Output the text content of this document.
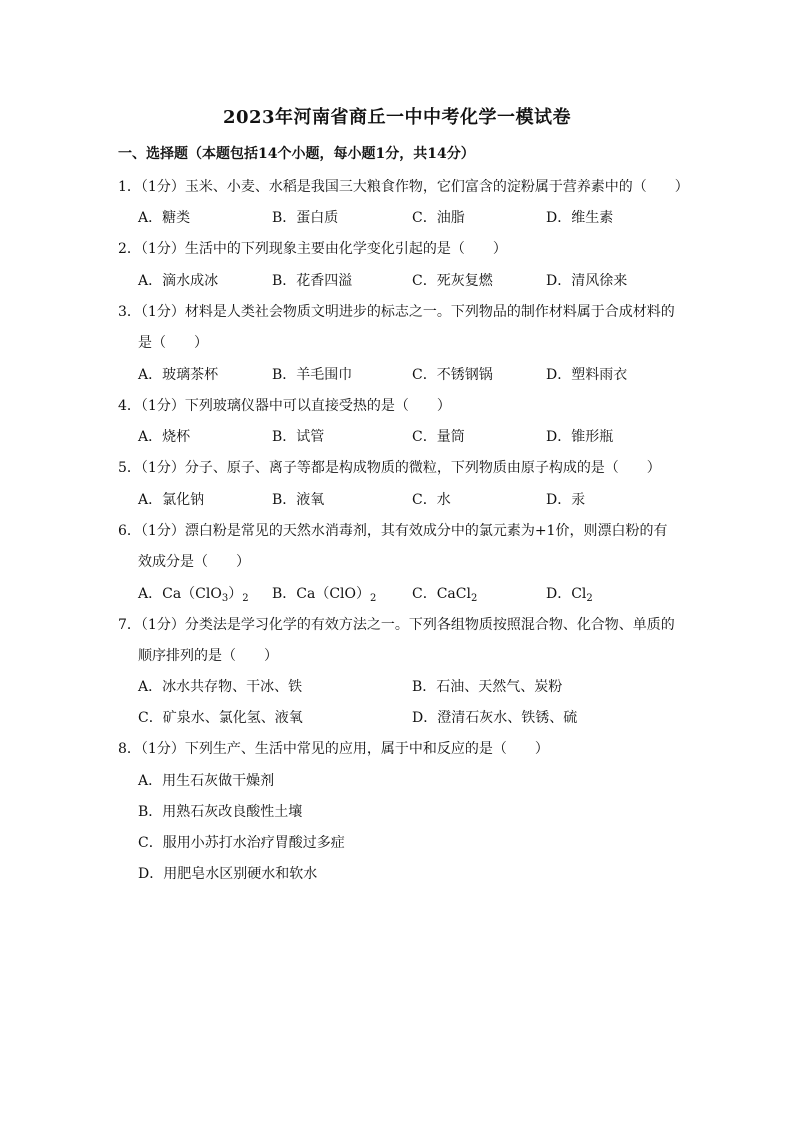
2023年河南省商丘一中中考化学一模试卷
一、选择题（本题包括14个小题，每小题1分，共14分）
1．（1分）玉米、小麦、水稻是我国三大粮食作物，它们富含的淀粉属于营养素中的（　　）
A．糖类	B．蛋白质	C．油脂	D．维生素
2．（1分）生活中的下列现象主要由化学变化引起的是（　　）
A．滴水成冰	B．花香四溢	C．死灰复燃	D．清风徐来
3．（1分）材料是人类社会物质文明进步的标志之一。下列物品的制作材料属于合成材料的
是（　　）
A．玻璃茶杯	B．羊毛围巾	C．不锈钢锅	D．塑料雨衣
4．（1分）下列玻璃仪器中可以直接受热的是（　　）
A．烧杯	B．试管	C．量筒	D．锥形瓶
5．（1分）分子、原子、离子等都是构成物质的微粒，下列物质由原子构成的是（　　）
A．氯化钠	B．液氧	C．水	D．汞
6．（1分）漂白粉是常见的天然水消毒剂，其有效成分中的氯元素为+1价，则漂白粉的有
效成分是（　　）
A．$Ca(ClO_3)_2$ B．$Ca(ClO)_2$	C．CaCl$_2$	D．$Cl_2$
7．（1分）分类法是学习化学的有效方法之一。下列各组物质按照混合物、化合物、单质的
顺序排列的是（　　）
A．冰水共存物、干冰、铁	B．石油、天然气、炭粉
C．矿泉水、氯化氢、液氧	D．澄清石灰水、铁锈、硫
8．（1分）下列生产、生活中常见的应用，属于中和反应的是（　　）
A．用生石灰做干燥剂
B．用熟石灰改良酸性土壤
C．服用小苏打水治疗胃酸过多症
D．用肥皂水区别硬水和软水
